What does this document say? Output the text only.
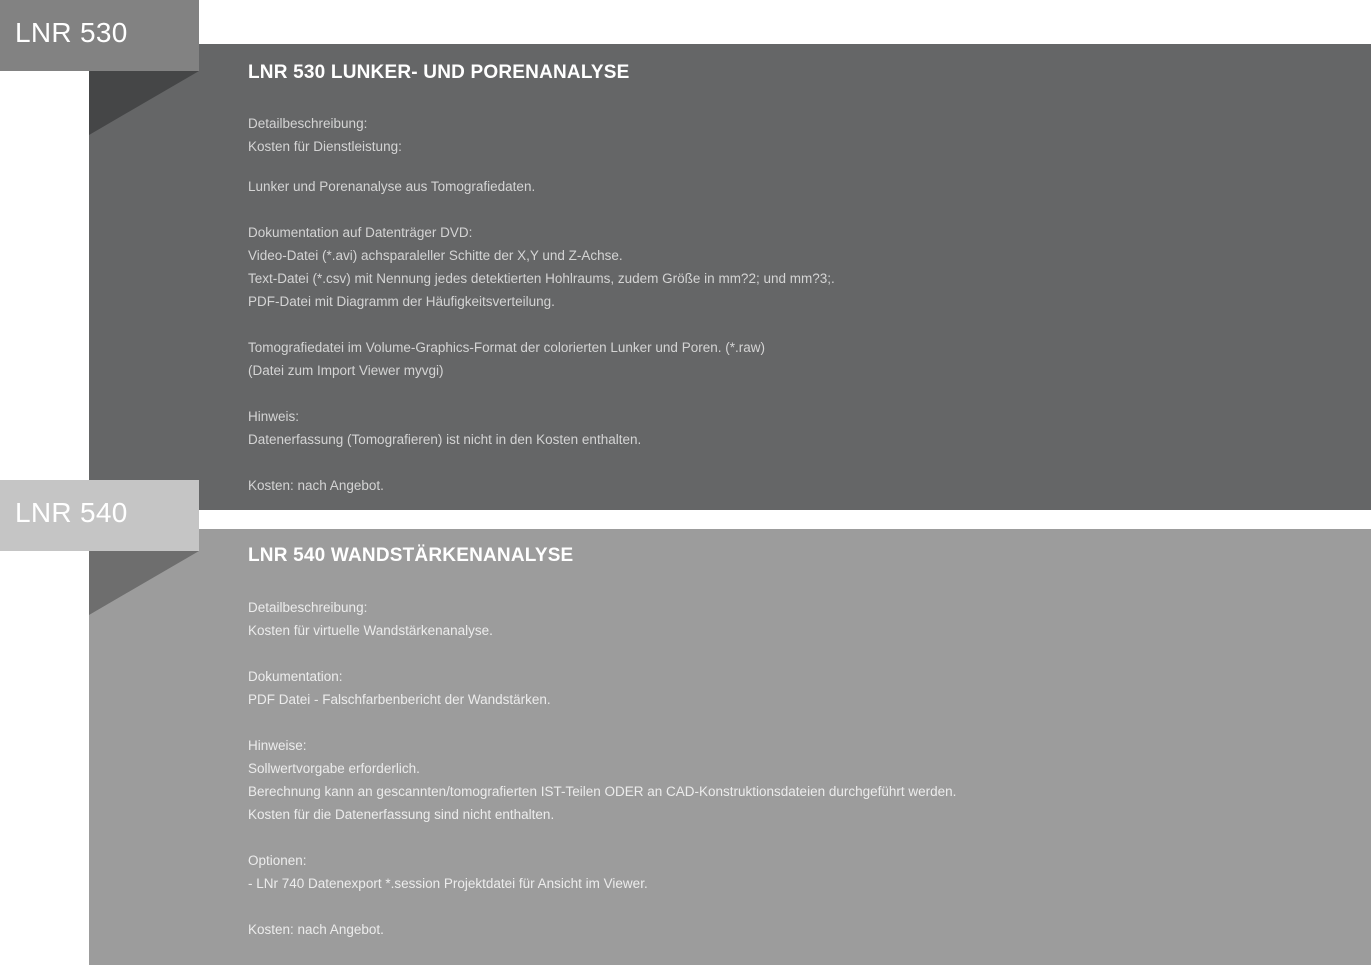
LNR 530
LNR 530 LUNKER- UND PORENANALYSE
Detailbeschreibung:
Kosten für Dienstleistung:
Lunker und Porenanalyse aus Tomografiedaten.
Dokumentation auf Datenträger DVD:
Video-Datei (*.avi) achsparaleller Schitte der X,Y und Z-Achse.
Text-Datei (*.csv) mit Nennung jedes detektierten Hohlraums, zudem Größe in mm?2; und mm?3;.
PDF-Datei mit Diagramm der Häufigkeitsverteilung.
Tomografiedatei im Volume-Graphics-Format der colorierten Lunker und Poren. (*.raw)
(Datei zum Import Viewer myvgi)
Hinweis:
Datenerfassung (Tomografieren) ist nicht in den Kosten enthalten.
Kosten: nach Angebot.
LNR 540
LNR 540 WANDSTÄRKENANALYSE
Detailbeschreibung:
Kosten für virtuelle Wandstärkenanalyse.
Dokumentation:
PDF Datei - Falschfarbenbericht der Wandstärken.
Hinweise:
Sollwertvorgabe erforderlich.
Berechnung kann an gescannten/tomografierten IST-Teilen ODER an CAD-Konstruktionsdateien durchgeführt werden.
Kosten für die Datenerfassung sind nicht enthalten.
Optionen:
- LNr 740 Datenexport *.session Projektdatei für Ansicht im Viewer.
Kosten: nach Angebot.
